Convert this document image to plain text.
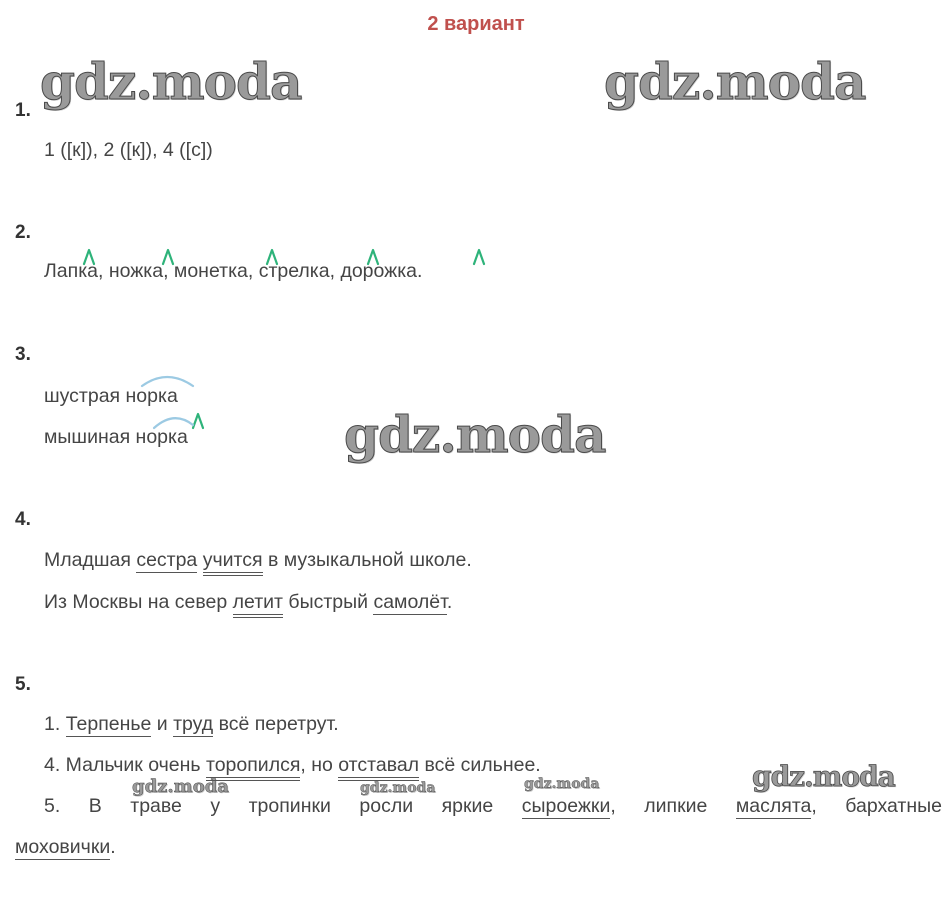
2 вариант
gdz.moda	gdz.moda
gdz.moda
gdz.moda
gdz.moda	gdz.moda	gdz.moda
1.
1 ([к]), 2 ([к]), 4 ([с])
2.
Лапка, ножка, монетка, стрелка, дорожка.
3.
шустрая норка
мышиная норка
4.
Младшая сестра учится в музыкальной школе.
Из Москвы на север летит быстрый самолёт.
5.
1. Терпенье и труд всё перетрут.
4. Мальчик очень торопился, но отставал всё сильнее.
5. В траве у тропинки росли яркие сыроежки, липкие маслята, бархатные
моховички.
